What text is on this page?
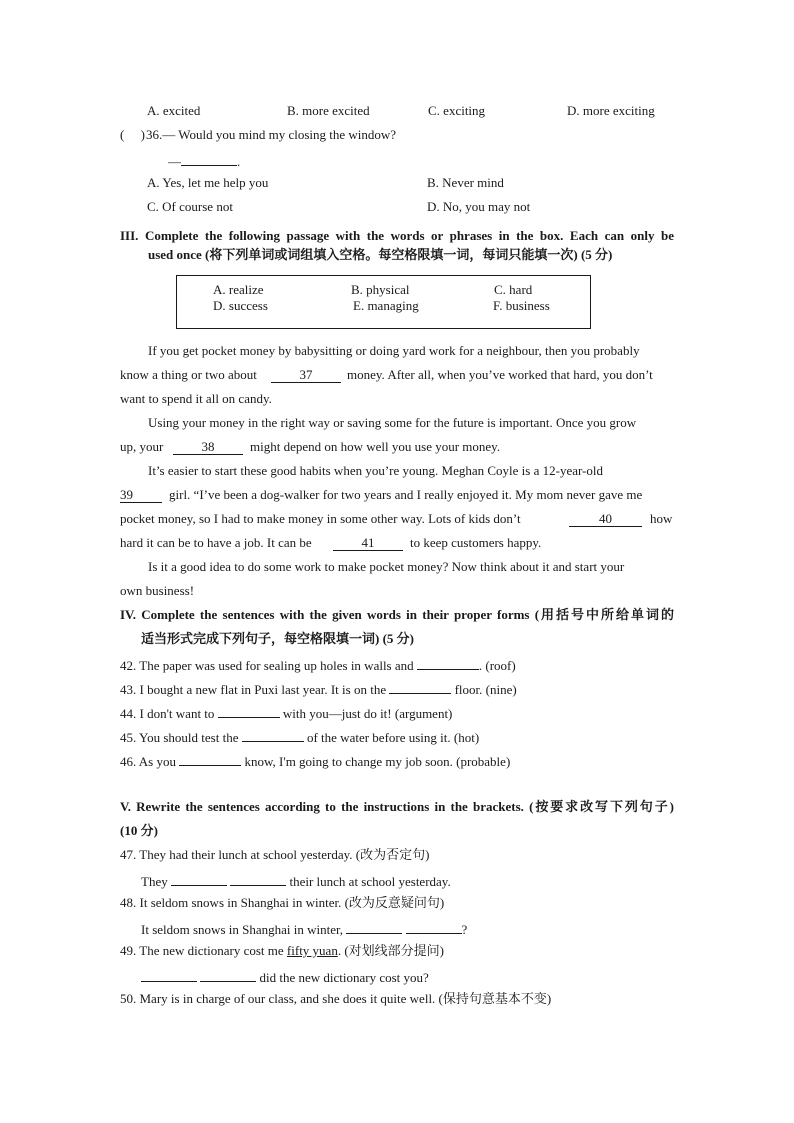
A. excited	B. more excited	C. exciting	D. more exciting
(     ) 36.— Would you mind my closing the window?
—	.
A. Yes, let me help you	B. Never mind
C. Of course not	D. No, you may not
III. Complete the following passage with the words or phrases in the box. Each can only be
used once (将下列单词或词组填入空格。每空格限填一词，每词只能填一次) (5 分)
A. realize	B. physical	C. hard
D. success	E. managing	F. business
If you get pocket money by babysitting or doing yard work for a neighbour, then you probably
know a thing or two about	37	money. After all, when you’ve worked that hard, you don’t
want to spend it all on candy.
Using your money in the right way or saving some for the future is important. Once you grow
up, your	38	might depend on how well you use your money.
It’s easier to start these good habits when you’re young. Meghan Coyle is a 12-year-old
39	girl. “I’ve been a dog-walker for two years and I really enjoyed it. My mom never gave me
pocket money, so I had to make money in some other way. Lots of kids don’t	40	how
hard it can be to have a job. It can be	41	to keep customers happy.
Is it a good idea to do some work to make pocket money? Now think about it and start your
own business!
IV. Complete the sentences with the given words in their proper forms (用括号中所给单词的
适当形式完成下列句子，每空格限填一词) (5 分)
42. The paper was used for sealing up holes in walls and	. (roof)
43. I bought a new flat in Puxi last year. It is on the	floor. (nine)
44. I don't want to	with you—just do it! (argument)
45. You should test the	of the water before using it. (hot)
46. As you	know, I'm going to change my job soon. (probable)
V. Rewrite the sentences according to the instructions in the brackets. (按要求改写下列句子)
(10 分)
47. They had their lunch at school yesterday. (改为否定句)
They	their lunch at school yesterday.
48. It seldom snows in Shanghai in winter. (改为反意疑问句)
It seldom snows in Shanghai in winter,	?
49. The new dictionary cost me fifty yuan. (对划线部分提问)
did the new dictionary cost you?
50. Mary is in charge of our class, and she does it quite well. (保持句意基本不变)
